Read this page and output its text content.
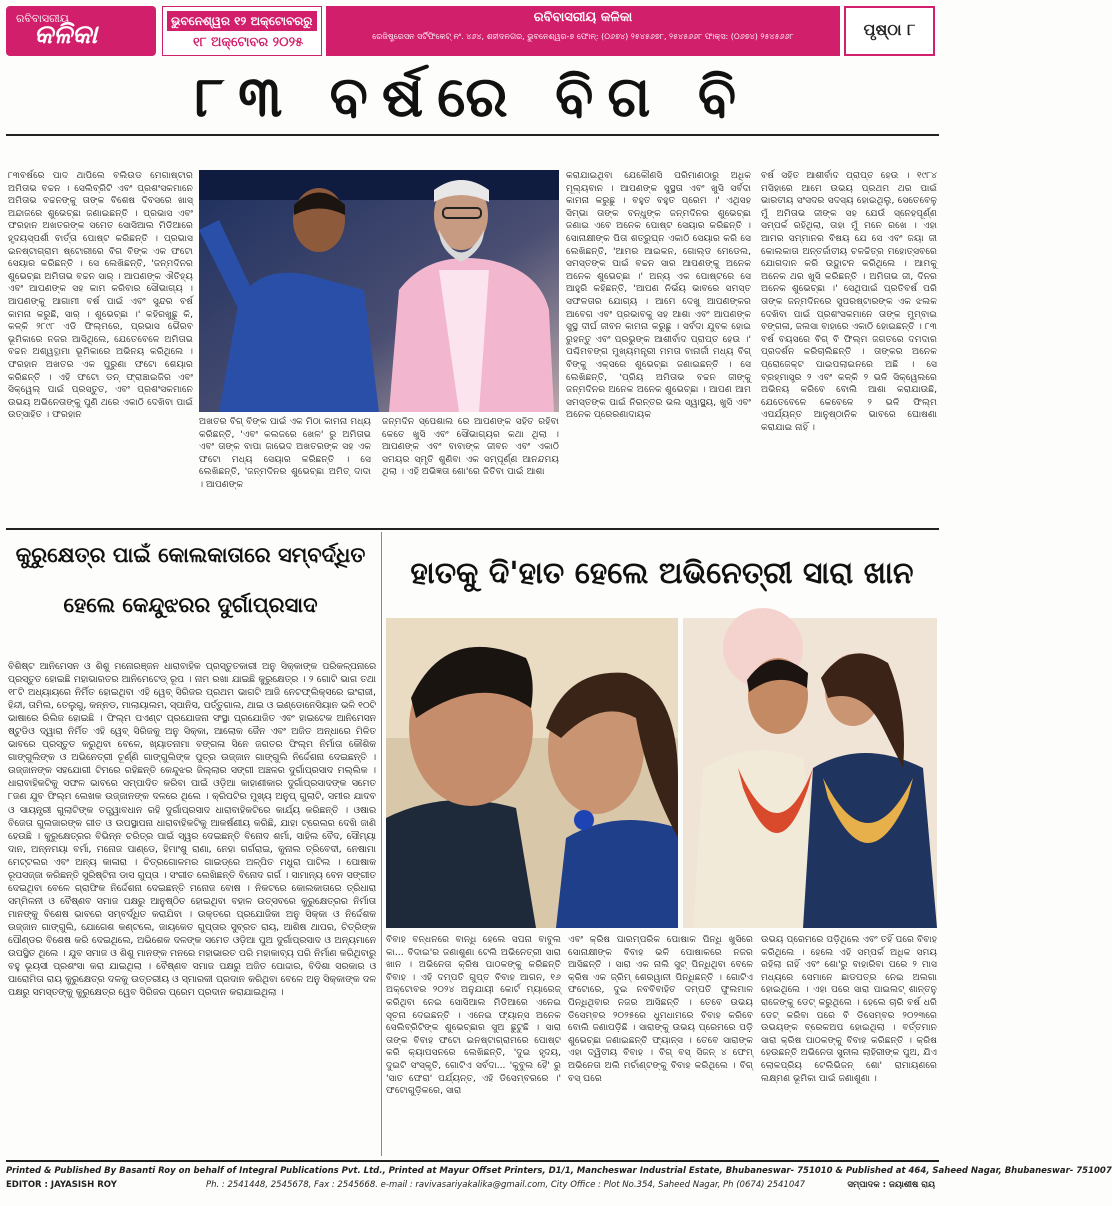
ରବିବାସରୀୟ
କଳିକା	ଭୁବନେଶ୍ୱର ୧୨ ଅକ୍ଟୋବରରୁ
୧୮ ଅକ୍ଟୋବର ୨୦୨୫
ରବିବାସରୀୟ କଳିକା
ରେଜିଷ୍ଟ୍ରେସନ ସର୍ଟିଫିକେଟ୍ ନଂ. ୪୬୪, ଶହୀଦନଗର, ଭୁବନେଶ୍ୱର-୭ ଫୋନ୍: (୦୬୭୪) ୨୫୪୫୬୭୮, ୨୫୪୫୬୬୮ ଫାକ୍ସ: (୦୬୭୪) ୨୫୪୫୬୬୮	ପୃଷ୍ଠା ୮
୮୩ ବର୍ଷରେ ବିଗ ବି
୮୩ବର୍ଷରେ ପାଦ ଥାପିଲେ ବଲିଉଡ ମେଗାଷ୍ଟାର ଅମିତାଭ ବଚ୍ଚନ । ସେଲିବ୍ରିଟି ଏବଂ ପ୍ରଶଂସକମାନେ ଅମିତାଭ ବଚ୍ଚନଙ୍କୁ ତାଙ୍କ ବିଶେଷ ଦିବସରେ ଖାସ୍ ଅନ୍ଦାଜରେ ଶୁଭେଚ୍ଛା ଜଣାଇଛନ୍ତି । ପ୍ରଭାସ ଏବଂ ଫରହାନ ଅଖତରଙ୍କ ସମେତ ସୋସିଆଲ ମିଡିଆରେ ହୃଦୟସ୍ପର୍ଶୀ ବାର୍ତ୍ତା ପୋଷ୍ଟ କରିଛନ୍ତି । ପ୍ରଭାସ ଇନଷ୍ଟାଗ୍ରାମ ଷ୍ଟୋରୀରେ ବିଗ ବିଙ୍କ ଏକ ଫଟୋ ସେୟାର କରିଛନ୍ତି । ସେ ଲେଖିଛନ୍ତି, 'ଜନ୍ମଦିନର ଶୁଭେଚ୍ଛା ଅମିତାଭ ବଚ୍ଚନ ସାର୍ । ଆପଣଙ୍କ ଐତିହ୍ୟ ଏବଂ ଆପଣଙ୍କ ସହ କାମ କରିବାର ସୌଭାଗ୍ୟ । ଆପଣଙ୍କୁ ଆଗାମୀ ବର୍ଷ ପାଇଁ ଏବଂ ସୁନ୍ଦର ବର୍ଷ କାମନା କରୁଛି, ସାର୍ । ଶୁଭେଚ୍ଛା ।' କହିରଖୁଛୁ କି, କଳ୍କି ୨୮୯୮ ଏଡି ଫିଲ୍ମରେ, ପ୍ରଭାସ ଭୈରବ ଭୂମିକାରେ ନଜର ଆସିଥିଲେ, ଯେତେବେଳେ ଅମିତାଭ ବଚ୍ଚନ ଅଶ୍ୱତ୍ଥାମା ଭୂମିକାରେ ଅଭିନୟ କରିଥିଲେ । ଫରହାନ ଅଖତର ଏକ ପୁରୁଣା ଫଟୋ ଶେୟାର କରିଛନ୍ତି । ଏହି ଫଟୋ ଡନ୍ ଫ୍ରାଞ୍ଚାଇଜିର ଏବଂ ସିକ୍ୱେଲ୍ ପାଇଁ ପ୍ରସ୍ତୁତ, ଏବଂ ପ୍ରଶଂସକମାନେ ଉଭୟ ଅଭିନେତାଙ୍କୁ ପୁଣି ଥରେ ଏକାଠି ଦେଖିବା ପାଇଁ ଉତ୍ସାହିତ । ଫରହାନ
ଅଖତର ବିଗ୍ ବିଙ୍କ ପାଇଁ ଏକ ମିଠା କାମନା ମଧ୍ୟ କରିଛନ୍ତି, 'ଏବଂ କଲଜରେ ଖେଳ' ରୁ ଅମିତାଭ ଏବଂ ତାଙ୍କ ବାପା ଜାଭେଦ ଅଖତରଙ୍କ ସହ ଏକ ଫଟୋ ମଧ୍ୟ ସେୟାର କରିଛନ୍ତି । ସେ ଲେଖିଛନ୍ତି, 'ଜନ୍ମଦିନର ଶୁଭେଚ୍ଛା ଅମିତ୍ ଦାଦା । ଆପଣଙ୍କ
ଜନ୍ମଦିନ ସ୍ପେଶାଲ ରେ ଆପଣଙ୍କ ସହିତ ରହିବା କେତେ ଖୁସି ଏବଂ ସୌଭାଗ୍ୟର କଥା ଥିଲା । ଆପଣଙ୍କ ଏବଂ ବାବାଙ୍କ ଜୀବନ ଏବଂ ଏକାଠି ସମୟର ସ୍ମୃତି ଶୁଣିବା ଏକ ସମ୍ପୂର୍ଣ୍ଣ ଆନନ୍ଦମୟ ଥିଲା । ଏହି ଅଭିଜ୍ଞତା ଶୋ'ରେ ଜିତିବା ପାଇଁ ଆଶା
କରାଯାଇଥିବା ଯେକୌଣସି ପରିମାଣଠାରୁ ଅଧିକ ମୂଲ୍ୟବାନ । ଆପଣଙ୍କ ସୁସ୍ଥତା ଏବଂ ଖୁସି ସର୍ବଦା କାମନା କରୁଛୁ । ବହୁତ ବହୁତ ପ୍ରେମ ।' ଏଥିସହ ସିମ୍ଭା ତାଙ୍କ ବନ୍ଧୁଙ୍କ ଜନ୍ମଦିନର ଶୁଭେଚ୍ଛା ଜଣାଇ ଏବେ ଅନେକ ପୋଷ୍ଟ ସେୟାର କରିଛନ୍ତି । ସୋନାକ୍ଷୀଙ୍କ ପିତା ଶତ୍ରୁଘ୍ନ ଏକାଠି ସେୟାର କରି ସେ ଲେଖିଛନ୍ତି, 'ଆମର ଆଇକନ, ଗୋଲ୍ଡ ମେଡେଲ, ସମସ୍ତଙ୍କ ପାଇଁ ବଚ୍ଚନ ସାର ଆପଣଙ୍କୁ ଅନେକ ଅନେକ ଶୁଭେଚ୍ଛା ।' ଅନ୍ୟ ଏକ ପୋଷ୍ଟରେ ସେ ଆହୁରି କହିଛନ୍ତି, 'ଆପଣ ନିର୍ଭୟ ଭାବରେ ସମସ୍ତ ସଫଳତାର ଯୋଗ୍ୟ । ଆମେ ଦେଖୁ ଆପଣଙ୍କର ଆବେଗ ଏବଂ ପ୍ରଭାବକୁ ସହ ଆଶା ଏବଂ ଆପଣଙ୍କ ସୁସ୍ଥ ଦୀର୍ଘ ଜୀବନ କାମନା କରୁଛୁ । ସର୍ବଦା ଯୁବକ ହୋଇ ରୁହନ୍ତୁ ଏବଂ ପ୍ରଭୁଙ୍କ ଆଶୀର୍ବାଦ ପ୍ରାପ୍ତ ହେଉ ।' ପଶ୍ଚିମବଙ୍ଗ ମୁଖ୍ୟମନ୍ତ୍ରୀ ମମତା ବାନାର୍ଜୀ ମଧ୍ୟ ବିଗ୍ ବିଙ୍କୁ ଏକ୍ସରେ ଶୁଭେଚ୍ଛା ଜଣାଇଛନ୍ତି । ସେ ଲେଖିଛନ୍ତି, 'ପ୍ରିୟ ଅମିତାଭ ବଚ୍ଚନ ଜୀଙ୍କୁ ଜନ୍ମଦିନର ଅନେକ ଅନେକ ଶୁଭେଚ୍ଛା । ଆପଣ ଆମ ସମସ୍ତଙ୍କ ପାଇଁ ନିରନ୍ତର ଭଲ ସ୍ୱାସ୍ଥ୍ୟ, ଖୁସି ଏବଂ ଅନେକ ପ୍ରେରଣାଦାୟକ
ବର୍ଷ ସହିତ ଆଶୀର୍ବାଦ ପ୍ରାପ୍ତ ହେଉ । ୧୯୮୪ ମସିହାରେ ଆମେ ଉଭୟ ପ୍ରଥମ ଥର ପାଇଁ ଭାରତୀୟ ସଂସଦର ସଦସ୍ୟ ହୋଇଥିଲୁ, ସେତେବେଳୁ ମୁଁ ଅମିତାଭ ଜୀଙ୍କ ସହ ଯେଉଁ ସ୍ନେହପୂର୍ଣ୍ଣ ସମ୍ପର୍କ ରହିଥିଲା, ତାହା ମୁଁ ମନେ ରଖେ । ଏହା ଆମର ସମ୍ମାନର ବିଷୟ ଯେ ସେ ଏବଂ ଜୟା ଜୀ କୋଲକାତା ଅନ୍ତର୍ଜାତୀୟ ଚଳଚ୍ଚିତ୍ର ମହୋତ୍ସବରେ ଯୋଗଦାନ କରି ଉଦ୍ଘାଟନ କରିଥିଲେ । ଆମକୁ ଅନେକ ଥର ଖୁସି କରିଛନ୍ତି । ଅମିତାଭ ଜୀ, ଦିନର ଅନେକ ଶୁଭେଚ୍ଛା ।' ସେଥିପାଇଁ ପ୍ରତିବର୍ଷ ପରି ତାଙ୍କ ଜନ୍ମଦିନରେ ସୁପରଷ୍ଟାରଙ୍କ ଏକ ଝଲକ ଦେଖିବା ପାଇଁ ପ୍ରଶଂସକମାନେ ତାଙ୍କ ମୁମ୍ବାଇ ବଙ୍ଗଳା, ଜଲସା ବାହାରେ ଏକାଠି ହୋଇଛନ୍ତି । ୮୩ ବର୍ଷ ବୟସରେ ବିଗ୍ ବି ଫିଲ୍ମ ଜଗତରେ ଦମଦାର ପ୍ରଦର୍ଶନ କରିଚାଲିଛନ୍ତି । ତାଙ୍କର ଅନେକ ପ୍ରୋଜେକ୍ଟ ପାଇପଲାଇନରେ ଅଛି । ସେ ବ୍ରହ୍ମାସ୍ତ୍ର ୨ ଏବଂ କଳ୍କି ୨ ଭଳି ସିକ୍ୱେଲରେ ଅଭିନୟ କରିବେ ବୋଲି ଆଶା କରାଯାଉଛି, ଯେତେବେଳେ କେବେଳେ ୨ ଭଳି ଫିଲ୍ମ ଏପର୍ଯ୍ୟନ୍ତ ଆନୁଷ୍ଠାନିକ ଭାବରେ ଘୋଷଣା କରାଯାଇ ନାହିଁ ।
କୁରୁକ୍ଷେତ୍ର ପାଇଁ କୋଲକାତାରେ ସମ୍ବର୍ଦ୍ଧିତ
ହେଲେ କେନ୍ଦୁଝରର ଦୁର୍ଗାପ୍ରସାଦ
ବିଶିଷ୍ଟ ଆନିମେସନ ଓ ଶିଶୁ ମନୋରଞ୍ଜନ ଧାରାବାହିକ ପ୍ରସ୍ତୁତକାରୀ ଅନୁ ସିକ୍କାଙ୍କ ପରିକଳ୍ପନାରେ ପ୍ରସ୍ତୁତ ହୋଇଛି ମହାଭାରତର ଆନିମେଟେଡ୍ ରୂପ । ନାମ ରଖା ଯାଇଛି କୁରୁକ୍ଷେତ୍ର । ୨ ଗୋଟି ଭାଗ ତଥା ୧୮ଟି ଅଧ୍ୟାୟରେ ନିର୍ମିତ ହୋଇଥିବା ଏହି ୱେବ୍ ସିରିଜର ପ୍ରଥମ ଭାଗଟି ଆଜି ନେଟଫ୍ଲିକ୍ସରେ ଇଂରାଜୀ, ହିନ୍ଦୀ, ତାମିଲ, ତେଲୁଗୁ, କନ୍ନଡ, ମାଲାୟାଲମ, ସ୍ପାନିସ, ପର୍ତ୍ତୁଗାଲ, ଥାଇ ଓ ଇଣ୍ଡୋନେସିୟାନ ଭଳି ୧୦ଟି ଭାଷାରେ ରିଲିଜ ହୋଇଛି । ଫିଲ୍ମ ପଏଣ୍ଟ ପ୍ରଯୋଜନା ସଂସ୍ଥା ପ୍ରଯୋଜିତ ଏବଂ ହାଇଟେକ ଆନିମେସନ ଷ୍ଟୁଡିଓ ଦ୍ୱାରା ନିର୍ମିତ ଏହି ୱେବ୍ ସିରିଜକୁ ଅନୁ ସିକ୍କା, ଆଲୋକ ଜୈନ ଏବଂ ଅଜିତ ଅନ୍ଧାରେ ମିଳିତ ଭାବରେ ପ୍ରସ୍ତୁତ କରୁଥିବା ବେଳେ, ଖ୍ୟାତନାମା ବଙ୍ଗଳା ସିନେ ଜଗତର ଫିଲ୍ମ ନିର୍ମାତା କୌଶିକ ଗାଙ୍ଗୁଲିଙ୍କ ଓ ଅଭିନେତ୍ରୀ ଚୂର୍ଣ୍ଣି ଗାଙ୍ଗୁଲିଙ୍କ ପୁତ୍ର ଉଜ୍ଜାନ ଗାଙ୍ଗୁଲି ନିର୍ଦ୍ଦେଶନା ଦେଇଛନ୍ତି । ଉଜ୍ଜାନଙ୍କ ସହଯୋଗୀ ଟିମରେ ରହିଛନ୍ତି କେନ୍ଦୁଝର ଜିଲ୍ଲାର ସଙ୍ଗୀ ଅଞ୍ଚଳର ଦୁର୍ଗାପ୍ରସାଦ ମଲ୍ଲିକ । ଧାରାବାହିକଟିକୁ ସଫଳ ଭାବରେ ସମ୍ପାଦିତ କରିବା ପାଇଁ ଓଡ଼ିଆ କାହାଣୀକାର ଦୁର୍ଗାପ୍ରସାଦଙ୍କ ସମେତ ୮ଜଣ ଯୁବ ଫିଲ୍ମ ଲେଖକ ଉଜ୍ଜାନଙ୍କ ଦଳରେ ଥିଲେ । କ୍ରିପଟିର ମୁଖ୍ୟ ଅନୁପ୍ ଗୁଲାଟି, ସମୀର ଯାଦବ ଓ ସାୟନ୍ତ୍ରୀ ଗୁଲାଟିଙ୍କ ତତ୍ତ୍ୱାବଧାନ ରହି ଦୁର୍ଗାପ୍ରସାଦ ଧାରାବାହିକଟିରେ କାର୍ଯ୍ୟ କରିଛନ୍ତି । ଓଷାର ବିଜେତା ଗୁଲଜାରଙ୍କ ଗୀତ ଓ ଉପସ୍ଥାପନା ଧାରାବାହିକଟିକୁ ଆକର୍ଷଣୀୟ କରିଛି, ଯାହା ଟ୍ରେଲର ଦେଖି ଜାଣି ହେଉଛି । କୁରୁକ୍ଷେତ୍ରର ବିଭିନ୍ନ ଚରିତ୍ର ପାଇଁ ସ୍ୱର ଦେଇଛନ୍ତି ବିନୋଦ ଶର୍ମା, ସାହିଲ ବୈଦ, ସୌମ୍ୟା ଦାନ, ଅନ୍ନମୟା ବର୍ମା, ମନୋଜ ପାଣ୍ଡେ, ହିମାଂଶୁ ରାଣା, ନେହା ଗର୍ଗରାଇ, କୁନାଲ ତ୍ରିବେଦୀ, ନେଷାମା ମେଟ୍ଟଲର ଏବଂ ଅନ୍ୟ କାଳାରା । ଚିତ୍ରଗୋଳମର ଗାଇଡ୍‌ରେ ଅଳ୍ପିତ ମଧୁରା ପାଟିଲ । ପୋଷାକ ରୂପସଜ୍ଜା କରିଛନ୍ତି ସୁରିଷ୍ଟିନା ଡାସ ଗୁପ୍ତା । ସଂଗୀତ ଲେଖିଛନ୍ତି ବିନୋଦ ଗର୍ଗ । ସାମାନ୍ୟ ବେନ ସଙ୍ଗୀତ ଦେଇଥିବା ବେଳେ ଗ୍ରାଫିକ ନିର୍ଦ୍ଦେଶନା ଦେଇଛନ୍ତି ମନୋଜ ବୋଷ । ନିକଟରେ କୋଲକାତାରେ ତ୍ରିଧାରା ସମ୍ମିଳନୀ ଓ ବୈଷ୍ଣବ ସମାଜ ପକ୍ଷରୁ ଆନୁଷ୍ଠିତ ହୋଇଥିବା ବହାଳ ଉତ୍ସବରେ କୁରୁକ୍ଷେତ୍ରର ନିର୍ମାତା ମାନଙ୍କୁ ବିଶେଷ ଭାବରେ ସମ୍ବର୍ଦ୍ଧିତ କରାଯିବା । ଉକ୍ତରେ ପ୍ରଯୋଜିକା ଅନୁ ସିକ୍କା ଓ ନିର୍ଦ୍ଦେଶକ ଉଜ୍ଜାନ ଗାଙ୍ଗୁଲି, ଯୋଗେଶ କଣ୍ଟଲେ, ଜାୟକେତ ଗୁପ୍ତାର ସୁବ୍ରତ ରାୟ, ଆଶିଷ ଥାପର, ଚିତ୍ରିଙ୍କ ପୌଣ୍ଡର ବିଶେଷ କରି ଦେଇଥିଲେ, ଅଭିଶେକ ଦଳଙ୍କ ସମେତ ଓଡ଼ିଆ ପୁଅ ଦୁର୍ଗାପ୍ରସାଦ ଓ ଅନ୍ୟମାନେ ଉପସ୍ଥିତ ଥିଲେ । ଯୁବ ସମାଜ ଓ ଶିଶୁ ମାନଙ୍କ ମନରେ ମହାଭାରତ ପରି ମହାକାବ୍ୟ ପରି ନିର୍ମାଣ କରିଥିବାରୁ ବହୁ ଭୂୟସୀ ପ୍ରଶଂସା କରା ଯାଇଥିଲା । ବୈଷ୍ଣବ ସମାଜ ପକ୍ଷରୁ ଅଜିତ ପୋଦ୍ଦାର, ବିଦିଶା ସରକାର ଓ ପାରୋମିତା ରାୟ କୁରୁକ୍ଷେତ୍ର ଦଳକୁ ଉତ୍ତରୀୟ ଓ ସ୍ମାରକୀ ପ୍ରଦାନ କରିଥିବା ବେଳେ ଅନୁ ସିକ୍କାଙ୍କ ଦଳ ପକ୍ଷରୁ ସମସ୍ତଙ୍କୁ କୁରୁକ୍ଷେତ୍ର ୱେବ ସିରିଜର ପ୍ରେମ ପ୍ରଦାନ କରାଯାଇଥିଲା ।
ହାତକୁ ଦି'ହାତ ହେଲେ ଅଭିନେତ୍ରୀ ସାରା ଖାନ
ବିବାହ ବନ୍ଧନରେ ବାନ୍ଧି ହେଲେ ସପନା ବାବୁଲ କା... ବିଦାଇ'ର ଜଣାଶୁଣା ଟେଲି ଅଭିନେତ୍ରୀ ସାରା ଖାନ । ଅଭିନେତା କ୍ରିଷ ପାଠକଙ୍କୁ କରିଛନ୍ତି ବିବାହ । ଏହି ଦମ୍ପତି ଗୁପ୍ତ ବିବାହ ଆଗନ, ୧୬ ଅକ୍ଟୋବର ୨୦୨୪ ଅନୁଯାୟୀ କୋର୍ଟ ମ୍ୟାରେଜ୍ କରିଥିବା ନେଇ ସୋସିଆଲ ମିଡିଆରେ ଏନେଇ ସୂଚନା ଦେଇଛନ୍ତି । ଏନେଇ ଫ୍ୟାନ୍ସ ଅନେକ ସେଲିବ୍ରିଟିଙ୍କ ଶୁଭେଚ୍ଛାର ସୁଅ ଛୁଟୁଛି । ସାରା ତାଙ୍କ ବିବାହ ଫଟୋ ଇନଷ୍ଟାଗ୍ରାମରେ ପୋଷ୍ଟ କରି କ୍ୟାପସନରେ ଲେଖିଛନ୍ତି, 'ଦୁଇ ହୃଦୟ, ଦୁଇଟି ସଂସ୍କୃତି, ଗୋଟିଏ ସର୍ବଦା... 'କୁବୁଲ ହୈ' ରୁ 'ସାତ ଫେରା' ପର୍ଯ୍ୟନ୍ତ, ଏହି ଡିସେମ୍ବରରେ ।' ଫଟୋଗୁଡ଼ିକରେ, ସାରା
ଏବଂ କ୍ରିଷ ପାରମ୍ପରିକ ପୋଷାକ ପିନ୍ଧି ଖୁସିରେ ସୋନାକ୍ଷୀଙ୍କ ବିବାହ ଭଳି ପୋଷାକରେ ନଜର ଆସିଛନ୍ତି । ସାରା ଏକ ନାଲି ସୁଟ୍ ପିନ୍ଧିଥିବା ବେଳେ କ୍ରିଷ ଏକ ଜ୍ରିମ୍ ଶେରୱାନୀ ପିନ୍ଧିଛନ୍ତି । ଗୋଟିଏ ଫଟୋରେ, ଦୁଇ ନବବିବାହିତ ଦମ୍ପତି ଫୁଲମାଳ ପିନ୍ଧିଥିବାର ନଜର ଆସିଛନ୍ତି । ତେବେ ଉଭୟ ଡିସେମ୍ବର ୨୦୨୫ରେ ଧୁମଧାମରେ ବିବାହ କରିବେ ବୋଲି ଜଣାପଡ଼ିଛି । ସାରାଙ୍କୁ ଉଭୟ ପ୍ରେମରେ ପଡ଼ି ଶୁଭେଚ୍ଛା ଜଣାଇଛନ୍ତି ଫ୍ୟାନ୍ସ । ତେବେ ସାରାଙ୍କ ଏହା ଦ୍ୱିତୀୟ ବିବାହ । ବିଗ୍ ବସ୍ ସିଜନ୍ ୪ ଫେମ୍ ଅଭିନେତା ଅଲି ମର୍ଚାଣ୍ଟଙ୍କୁ ବିବାହ କରିଥିଲେ । ବିଗ୍ ବସ୍ ଘରେ
ଉଭୟ ପ୍ରେମରେ ପଡ଼ିଥିଲେ ଏବଂ ତହିଁ ପରେ ବିବାହ କରିଥିଲେ । ହେଲେ ଏହି ସମ୍ପର୍କ ଅଧିକ ସମୟ ରହିଲା ନାହିଁ ଏବଂ ଶୋ'ରୁ ବାହାରିବା ପରେ ୨ ମାସ ମଧ୍ୟରେ ସେମାନେ ଛାଡପତ୍ର ନେଇ ଅଲଗା ହୋଇଥିଲେ । ଏହା ପରେ ସାରା ପାଇଲଟ୍ ଶାନ୍ତନୁ ରାଜେଙ୍କୁ ଡେଟ୍ କରୁଥିଲେ । ହେଲେ ଚାରି ବର୍ଷ ଧରି ଡେଟ୍ କରିବା ପରେ ବି ଡିସେମ୍ବର ୨୦୨୩ରେ ଉଭୟଙ୍କ ବ୍ରେକଅପ ହୋଇଥିଲା । ବର୍ତ୍ତମାନ ସାରା କ୍ରିଷ ପାଠକଙ୍କୁ ବିବାହ କରିଛନ୍ତି । କ୍ରିଷ ହେଉଛନ୍ତି ଅଭିନେତା ସୁନୀଲ ଲାହିରୀଙ୍କ ପୁଅ, ଯିଏ ଲୋକପ୍ରିୟ ଟେଲିଭିଜନ୍ ଶୋ' ରାମାୟଣରେ ଲକ୍ଷ୍ମଣ ଭୂମିକା ପାଇଁ ଜଣାଶୁଣା ।
Printed & Published By Basanti Roy on behalf of Integral Publications Pvt. Ltd., Printed at Mayur Offset Printers, D1/1, Mancheswar Industrial Estate, Bhubaneswar- 751010 & Published at 464, Saheed Nagar, Bhubaneswar- 751007
EDITOR : JAYASISH ROY	Ph. : 2541448, 2545678, Fax : 2545668. e-mail : ravivasariyakalika@gmail.com, City Office : Plot No.354, Saheed Nagar, Ph (0674) 2541047	ସମ୍ପାଦକ : ଜୟାଶୀଷ ରାୟ
